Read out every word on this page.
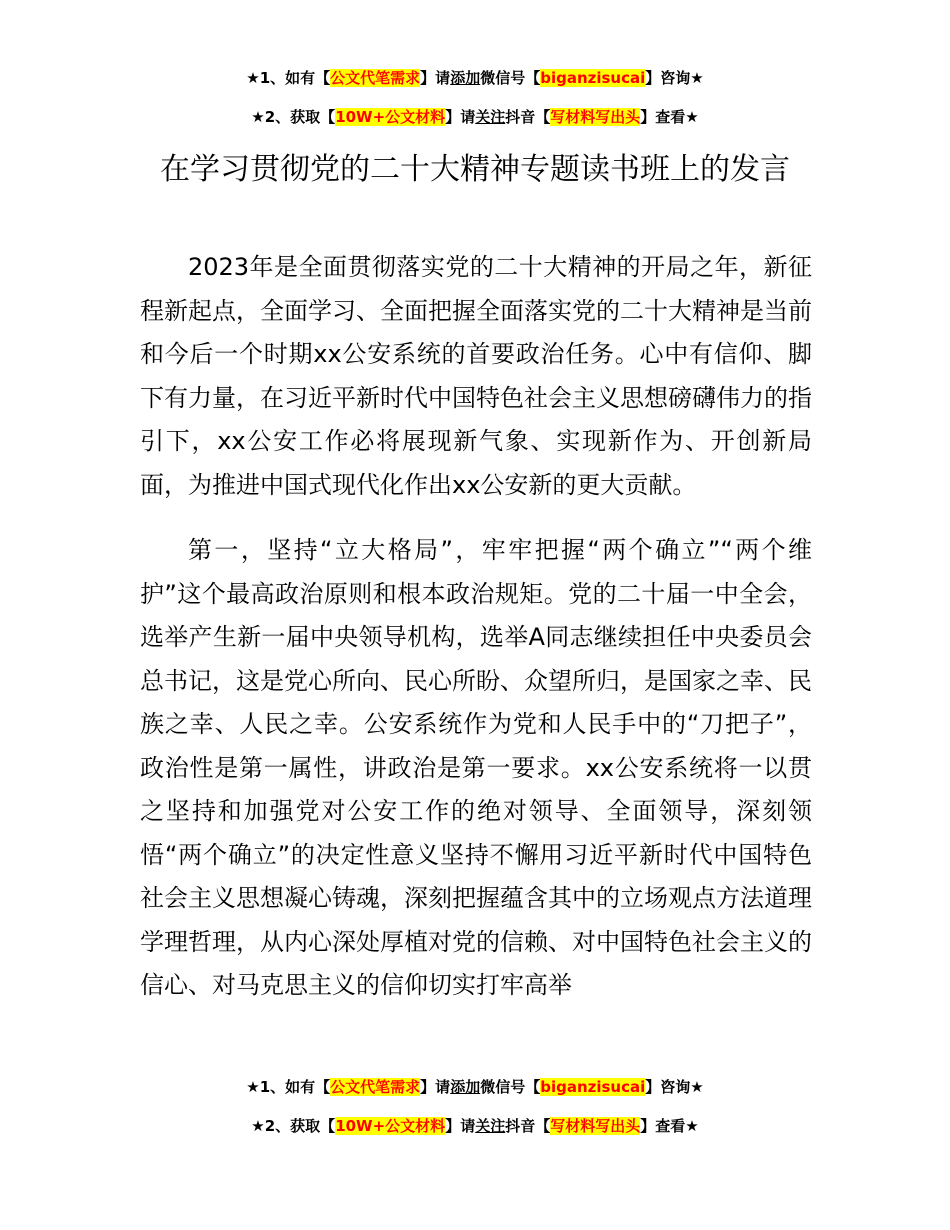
★1、如有【公文代笔需求】请添加微信号【biganzisucai】咨询★
★2、获取【10W+公文材料】请关注抖音【写材料写出头】查看★
在学习贯彻党的二十大精神专题读书班上的发言

2023年是全面贯彻落实党的二十大精神的开局之年，新征程新起点，全面学习、全面把握全面落实党的二十大精神是当前和今后一个时期xx公安系统的首要政治任务。心中有信仰、脚下有力量，在习近平新时代中国特色社会主义思想磅礴伟力的指引下，xx公安工作必将展现新气象、实现新作为、开创新局面，为推进中国式现代化作出xx公安新的更大贡献。

第一，坚持“立大格局”，牢牢把握“两个确立”“两个维护”这个最高政治原则和根本政治规矩。党的二十届一中全会，选举产生新一届中央领导机构，选举A同志继续担任中央委员会总书记，这是党心所向、民心所盼、众望所归，是国家之幸、民族之幸、人民之幸。公安系统作为党和人民手中的“刀把子”，政治性是第一属性，讲政治是第一要求。xx公安系统将一以贯之坚持和加强党对公安工作的绝对领导、全面领导，深刻领悟“两个确立”的决定性意义坚持不懈用习近平新时代中国特色社会主义思想凝心铸魂，深刻把握蕴含其中的立场观点方法道理学理哲理，从内心深处厚植对党的信赖、对中国特色社会主义的信心、对马克思主义的信仰切实打牢高举

★1、如有【公文代笔需求】请添加微信号【biganzisucai】咨询★
★2、获取【10W+公文材料】请关注抖音【写材料写出头】查看★
